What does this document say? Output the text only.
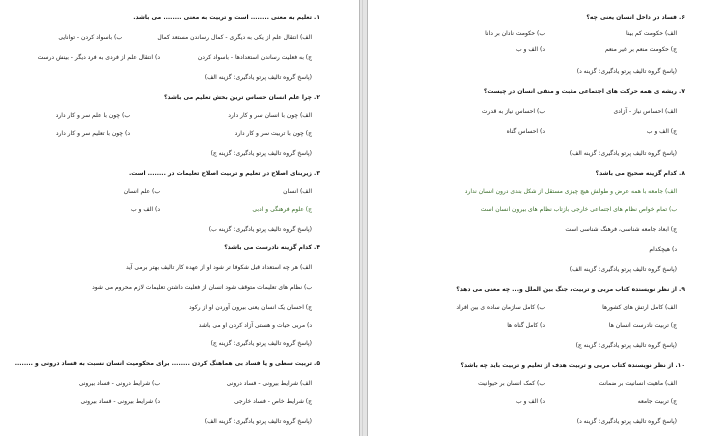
۶. فساد در داخل انسان یعنی چه؟
الف) حکومت کم بینا
ب) حکومت نادان بر دانا
ج) حکومت منعم بر غیر منعم
د) الف و ب
(پاسخ گروه تالیف پرتو یادگیری: گزینه د)
۷. ریشه ی همه حرکت های اجتماعی مثبت و منفی انسان در چیست؟
الف) احساس نیاز - آزادی
ب) احساس نیاز به قدرت
ج) الف و ب
د) احساس گناه
(پاسخ گروه تالیف پرتو یادگیری: گزینه الف)
۸. کدام گزینه صحیح می باشد؟
الف) جامعه با همه عرض و طولش هیچ چیزی مستقل از شکل بندی درون انسان ندارد
ب) تمام خواص نظام های اجتماعی خارجی بازتاب نظام های بیرون انسان است
ج) ابعاد جامعه شناسی، فرهنگ شناسی است
د) هیچکدام
(پاسخ گروه تالیف پرتو یادگیری: گزینه الف)
۹. از نظر نویسنده کتاب مربی و تربیت، جنگ بین الملل و... چه معنی می دهد؟
الف) کامل ارتش های کشورها
ب) کامل سازمان ساده ی بین افراد
ج) تربیت نادرست انسان ها
د) کامل گناه ها
(پاسخ گروه تالیف پرتو یادگیری: گزینه ج)
۱۰. از نظر نویسنده کتاب مربی و تربیت هدف از تعلیم و تربیت باید چه باشد؟
الف) ماهیت انسانیت بر ضمانت
ب) کمک انسان بر حیوانیت
ج) تربیت جامعه
د) الف و ب
(پاسخ گروه تالیف پرتو یادگیری: گزینه د)
۱. تعلیم به معنی ........ است و تربیت به معنی ........ می باشد.
الف) انتقال علم از یکی به دیگری - کمال رساندن مستعد کمال
ب) باسواد کردن - توانایی
ج) به فعلیت رساندن استعدادها - باسواد کردن
د) انتقال علم از فردی به فرد دیگر - بینش درست
(پاسخ گروه تالیف پرتو یادگیری: گزینه الف)
۲. چرا علم انسان حساس ترین بخش تعلیم می باشد؟
الف) چون با انسان سر و کار دارد
ب) چون با علم سر و کار دارد
ج) چون با تربیت سر و کار دارد
د) چون با تعلیم سر و کار دارد
(پاسخ گروه تالیف پرتو یادگیری: گزینه ج)
۳. زیربنای اصلاح در تعلیم و تربیت اصلاح تعلیمات در ........ است.
الف) انسان
ب) علم انسان
ج) علوم فرهنگی و ادبی
د) الف و ب
(پاسخ گروه تالیف پرتو یادگیری: گزینه ب)
۴. کدام گزینه نادرست می باشد؟
الف) هر چه استعداد قبل شکوفا تر شود او از عهده کار تالیف بهتر برمی آید
ب) نظام های تعلیمات متوقف شود انسان از فعلیت داشتن تعلیمات لازم محروم می شود
ج) احسان یک انسان یعنی بیرون آوردن او از رکود
د) مربی حیات و هستی آزاد کردن او می باشد
(پاسخ گروه تالیف پرتو یادگیری: گزینه ج)
۵. تربیت سطی و یا فساد بی هماهنگ کردن ........ برای محکومیت انسان نسبت به فساد درونی و ........
الف) شرایط بیرونی - فساد درونی
ب) شرایط درونی - فساد بیرونی
ج) شرایط خاص - فساد خارجی
د) شرایط بیرونی - فساد بیرونی
(پاسخ گروه تالیف پرتو یادگیری: گزینه الف)
